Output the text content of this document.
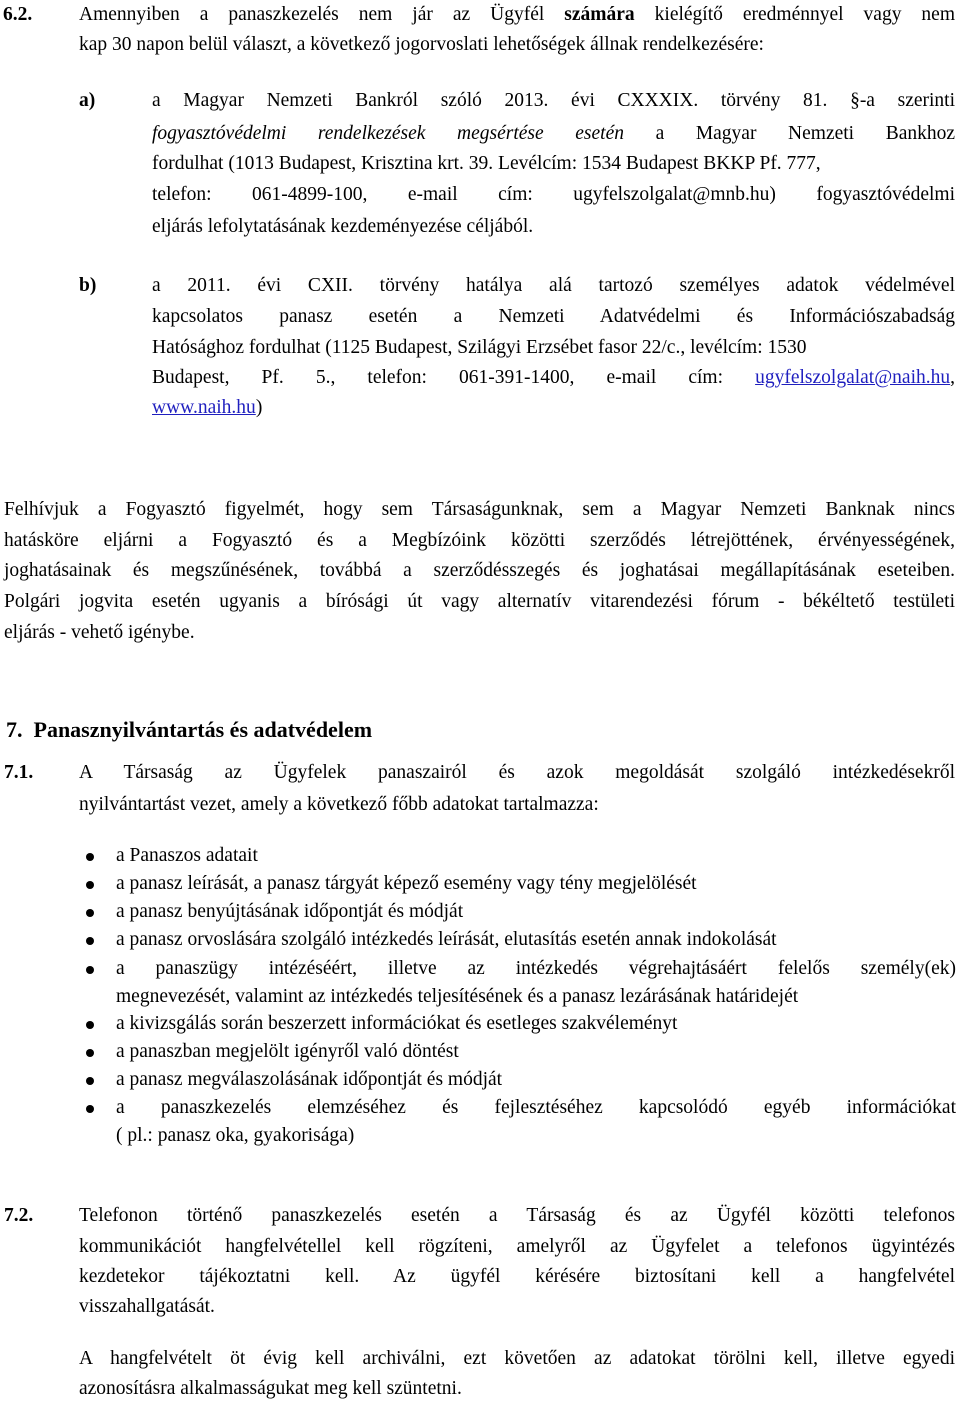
6.2. Amennyiben a panaszkezelés nem jár az Ügyfél számára kielégítő eredménnyel vagy nem
kap 30 napon belül választ, a következő jogorvoslati lehetőségek állnak rendelkezésére:
a)	a Magyar Nemzeti Bankról szóló 2013. évi CXXXIX. törvény 81. §-a szerinti
fogyasztóvédelmi rendelkezések megsértése esetén a Magyar Nemzeti Bankhoz
fordulhat (1013 Budapest, Krisztina krt. 39. Levélcím: 1534 Budapest BKKP Pf. 777,
telefon: 061-4899-100, e-mail cím: ugyfelszolgalat@mnb.hu) fogyasztóvédelmi
eljárás lefolytatásának kezdeményezése céljából.
b)	a 2011. évi CXII. törvény hatálya alá tartozó személyes adatok védelmével
kapcsolatos panasz esetén a Nemzeti Adatvédelmi és Információszabadság
Hatósághoz fordulhat (1125 Budapest, Szilágyi Erzsébet fasor 22/c., levélcím: 1530
Budapest, Pf. 5., telefon: 061-391-1400, e-mail cím: ugyfelszolgalat@naih.hu,
www.naih.hu)
Felhívjuk a Fogyasztó figyelmét, hogy sem Társaságunknak, sem a Magyar Nemzeti Banknak nincs
hatásköre eljárni a Fogyasztó és a Megbízóink közötti szerződés létrejöttének, érvényességének,
joghatásainak és megszűnésének, továbbá a szerződésszegés és joghatásai megállapításának eseteiben.
Polgári jogvita esetén ugyanis a bírósági út vagy alternatív vitarendezési fórum - békéltető testületi
eljárás - vehető igénybe.
7. Panasznyilvántartás és adatvédelem
7.1. A Társaság az Ügyfelek panaszairól és azok megoldását szolgáló intézkedésekről
nyilvántartást vezet, amely a következő főbb adatokat tartalmazza:
a Panaszos adatait
a panasz leírását, a panasz tárgyát képező esemény vagy tény megjelölését
a panasz benyújtásának időpontját és módját
a panasz orvoslására szolgáló intézkedés leírását, elutasítás esetén annak indokolását
a panaszügy intézéséért, illetve az intézkedés végrehajtásáért felelős személy(ek)
megnevezését, valamint az intézkedés teljesítésének és a panasz lezárásának határidejét
a kivizsgálás során beszerzett információkat és esetleges szakvéleményt
a panaszban megjelölt igényről való döntést
a panasz megválaszolásának időpontját és módját
a panaszkezelés elemzéséhez és fejlesztéséhez kapcsolódó egyéb információkat
( pl.: panasz oka, gyakorisága)
7.2. Telefonon történő panaszkezelés esetén a Társaság és az Ügyfél közötti telefonos
kommunikációt hangfelvétellel kell rögzíteni, amelyről az Ügyfelet a telefonos ügyintézés
kezdetekor tájékoztatni kell. Az ügyfél kérésére biztosítani kell a hangfelvétel
visszahallgatását.
A hangfelvételt öt évig kell archiválni, ezt követően az adatokat törölni kell, illetve egyedi
azonosításra alkalmasságukat meg kell szüntetni.
